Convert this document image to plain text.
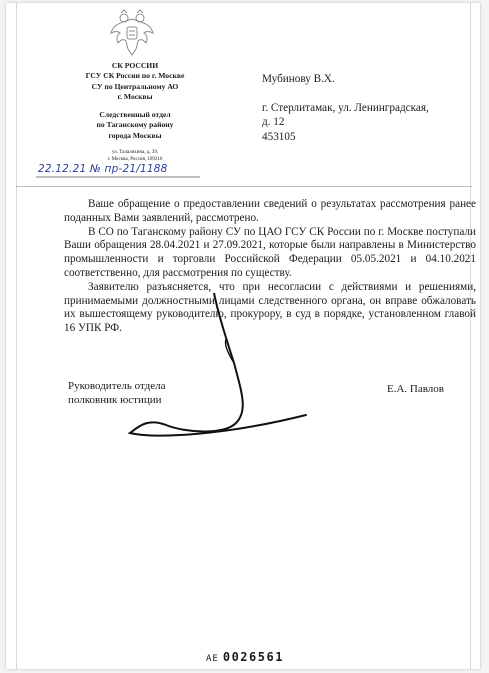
СК РОССИИ
ГСУ СК России по г. Москве
СУ по Центральному АО
г. Москвы
Следственный отдел
по Таганскому району
города Москвы
ул. Талалихина, д. 39,
г. Москва, Россия, 109316
22.12.21 № пр-21/1188
Мубинову В.Х.
г. Стерлитамак, ул. Ленинградская,
д. 12
453105

Ваше обращение о предоставлении сведений о результатах рассмотрения ранее поданных Вами заявлений, рассмотрено.

В СО по Таганскому району СУ по ЦАО ГСУ СК России по г. Москве поступали Ваши обращения 28.04.2021 и 27.09.2021, которые были направлены в Министерство промышленности и торговли Российской Федерации 05.05.2021 и 04.10.2021 соответственно, для рассмотрения по существу.

Заявителю разъясняется, что при несогласии с действиями и решениями, принимаемыми должностными лицами следственного органа, он вправе обжаловать их вышестоящему руководителю, прокурору, в суд в порядке, установленном главой 16 УПК РФ.

Руководитель отдела
полковник юстиции
Е.А. Павлов
АЕ 0026561
